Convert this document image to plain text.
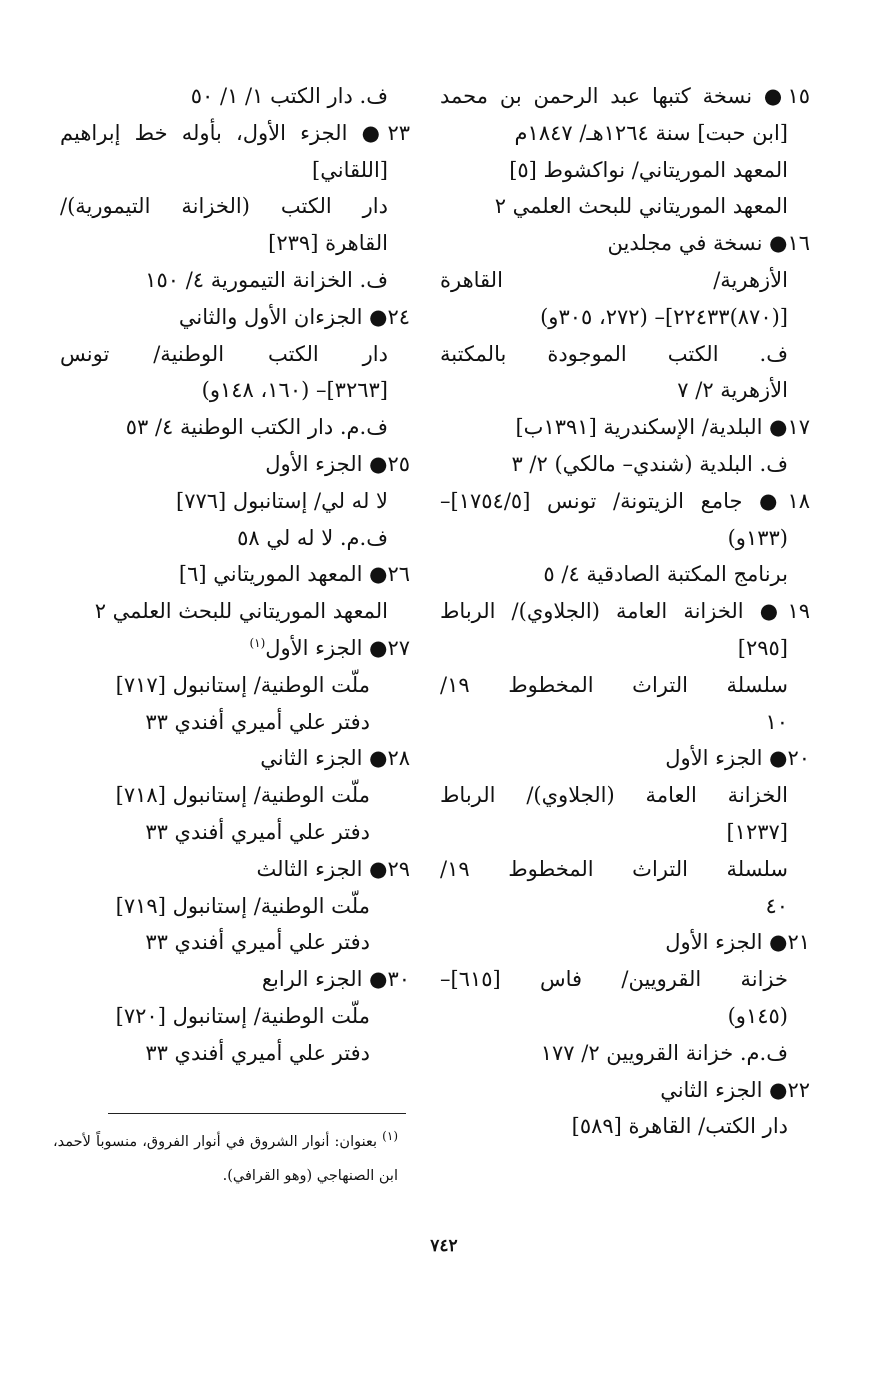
١٥● نسخة كتبها عبد الرحمن بن محمد
[ابن حبت] سنة ١٢٦٤هـ/ ١٨٤٧م
المعهد الموريتاني/ نواكشوط [٥]
المعهد الموريتاني للبحث العلمي ٢
١٦● نسخة في مجلدين
الأزهرية/ القاهرة
[(٨٧٠)٢٢٤٣٣]– (٢٧٢، ٣٠٥و)
ف. الكتب الموجودة بالمكتبة
الأزهرية ٢/ ٧
١٧● البلدية/ الإسكندرية [١٣٩١ب]
ف. البلدية (شندي– مالكي) ٢/ ٣
١٨● جامع الزيتونة/ تونس [١٧٥٤/٥]–
(١٣٣و)
برنامج المكتبة الصادقية ٤/ ٥
١٩● الخزانة العامة (الجلاوي)/ الرباط
[٢٩٥]
سلسلة التراث المخطوط ١٩/
١٠
٢٠● الجزء الأول
الخزانة العامة (الجلاوي)/ الرباط
[١٢٣٧]
سلسلة التراث المخطوط ١٩/
٤٠
٢١● الجزء الأول
خزانة القرويين/ فاس [٦١٥]–
(١٤٥و)
ف.م. خزانة القرويين ٢/ ١٧٧
٢٢● الجزء الثاني
دار الكتب/ القاهرة [٥٨٩]
ف. دار الكتب ١/ ١/ ٥٠
٢٣● الجزء الأول، بأوله خط إبراهيم
[اللقاني]
دار الكتب (الخزانة التيمورية)/
القاهرة [٢٣٩]
ف. الخزانة التيمورية ٤/ ١٥٠
٢٤● الجزءان الأول والثاني
دار الكتب الوطنية/ تونس
[٣٢٦٣]– (١٦٠، ١٤٨و)
ف.م. دار الكتب الوطنية ٤/ ٥٣
٢٥● الجزء الأول
لا له لي/ إستانبول [٧٧٦]
ف.م. لا له لي ٥٨
٢٦● المعهد الموريتاني [٦]
المعهد الموريتاني للبحث العلمي ٢
٢٧● الجزء الأول$^{(١)}$
ملّت الوطنية/ إستانبول [٧١٧]
دفتر علي أميري أفندي ٣٣
٢٨● الجزء الثاني
ملّت الوطنية/ إستانبول [٧١٨]
دفتر علي أميري أفندي ٣٣
٢٩● الجزء الثالث
ملّت الوطنية/ إستانبول [٧١٩]
دفتر علي أميري أفندي ٣٣
٣٠● الجزء الرابع
ملّت الوطنية/ إستانبول [٧٢٠]
دفتر علي أميري أفندي ٣٣
$^{(١)}$ بعنوان: أنوار الشروق في أنوار الفروق، منسوباً لأحمد، ابن الصنهاجي (وهو القرافي).
٧٤٢
